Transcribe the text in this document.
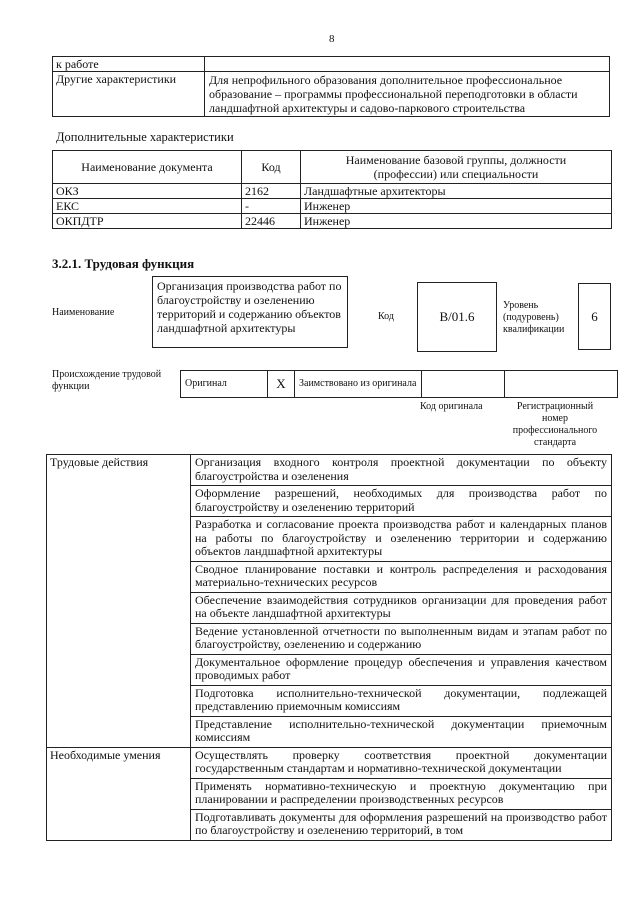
8
к работе	
Другие характеристики	Для непрофильного образования дополнительное профессиональное образование – программы профессиональной переподготовки в области ландшафтной архитектуры и садово-паркового строительства
Дополнительные характеристики
Наименование документа	Код	Наименование базовой группы, должности (профессии) или специальности
ОКЗ	2162	Ландшафтные архитекторы
ЕКС	-	Инженер
ОКПДТР	22446	Инженер
3.2.1. Трудовая функция
Наименование
Организация производства работ по благоустройству и озеленению территорий и содержанию объектов ландшафтной архитектуры
Код	B/01.6
Уровень (подуровень) квалификации
6
Происхождение трудовой функции	Оригинал	X	Заимствовано из оригинала		
Код оригинала	Регистрационный номер профессионального стандарта
Трудовые действия	Организация входного контроля проектной документации по объекту благоустройства и озеленения
	Оформление разрешений, необходимых для производства работ по благоустройству и озеленению территорий
	Разработка и согласование проекта производства работ и календарных планов на работы по благоустройству и озеленению территории и содержанию объектов ландшафтной архитектуры
	Сводное планирование поставки и контроль распределения и расходования материально-технических ресурсов
	Обеспечение взаимодействия сотрудников организации для проведения работ на объекте ландшафтной архитектуры
	Ведение установленной отчетности по выполненным видам и этапам работ по благоустройству, озеленению и содержанию
	Документальное оформление процедур обеспечения и управления качеством проводимых работ
	Подготовка исполнительно-технической документации, подлежащей представлению приемочным комиссиям
	Представление исполнительно-технической документации приемочным комиссиям
Необходимые умения	Осуществлять проверку соответствия проектной документации государственным стандартам и нормативно-технической документации
	Применять нормативно-техническую и проектную документацию при планировании и распределении производственных ресурсов
	Подготавливать документы для оформления разрешений на производство работ по благоустройству и озеленению территорий, в том
